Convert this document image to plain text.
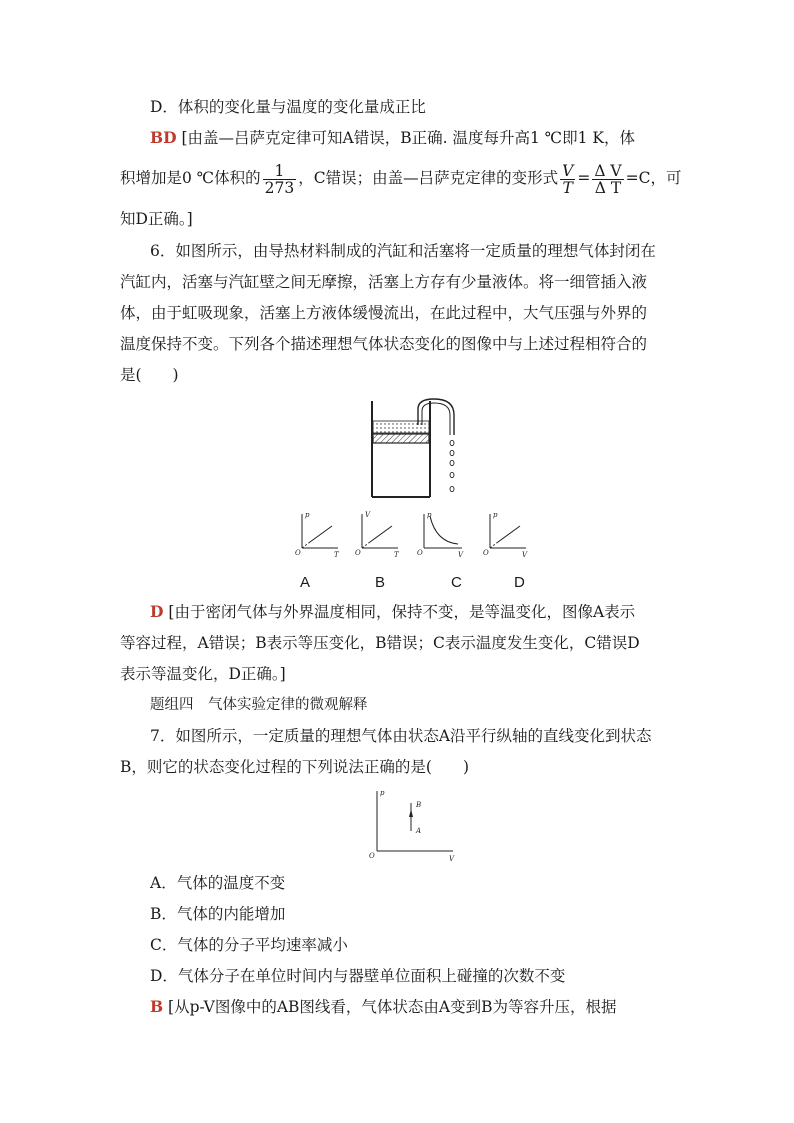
D．体积的变化量与温度的变化量成正比
BD [由盖—吕萨克定律可知A错误，B正确. 温度每升高1 ℃即1 K，体
积增加是0 ℃体积的 $\frac{1}{273}$ ，C错误；由盖—吕萨克定律的变形式 $\frac{V}{T} = \frac{\text{Δ V}}{\text{Δ T}} =C$，可
知D正确。]
6．如图所示，由导热材料制成的汽缸和活塞将一定质量的理想气体封闭在
汽缸内，活塞与汽缸壁之间无摩擦，活塞上方存有少量液体。将一细管插入液
体，由于虹吸现象，活塞上方液体缓慢流出，在此过程中，大气压强与外界的
温度保持不变。下列各个描述理想气体状态变化的图像中与上述过程相符合的
是(　　)
p
T
O
V
T
O
p
V
O
p
V
O
A	B	C	D
D [由于密闭气体与外界温度相同，保持不变，是等温变化，图像A表示
等容过程，A错误；B表示等压变化，B错误；C表示温度发生变化，C错误D
表示等温变化，D正确。]
题组四　气体实验定律的微观解释
7．如图所示，一定质量的理想气体由状态A沿平行纵轴的直线变化到状态
B，则它的状态变化过程的下列说法正确的是(　　)
p
V
O
A
B
A．气体的温度不变
B．气体的内能增加
C．气体的分子平均速率减小
D．气体分子在单位时间内与器壁单位面积上碰撞的次数不变
B [从p-V图像中的AB图线看，气体状态由A变到B为等容升压，根据
